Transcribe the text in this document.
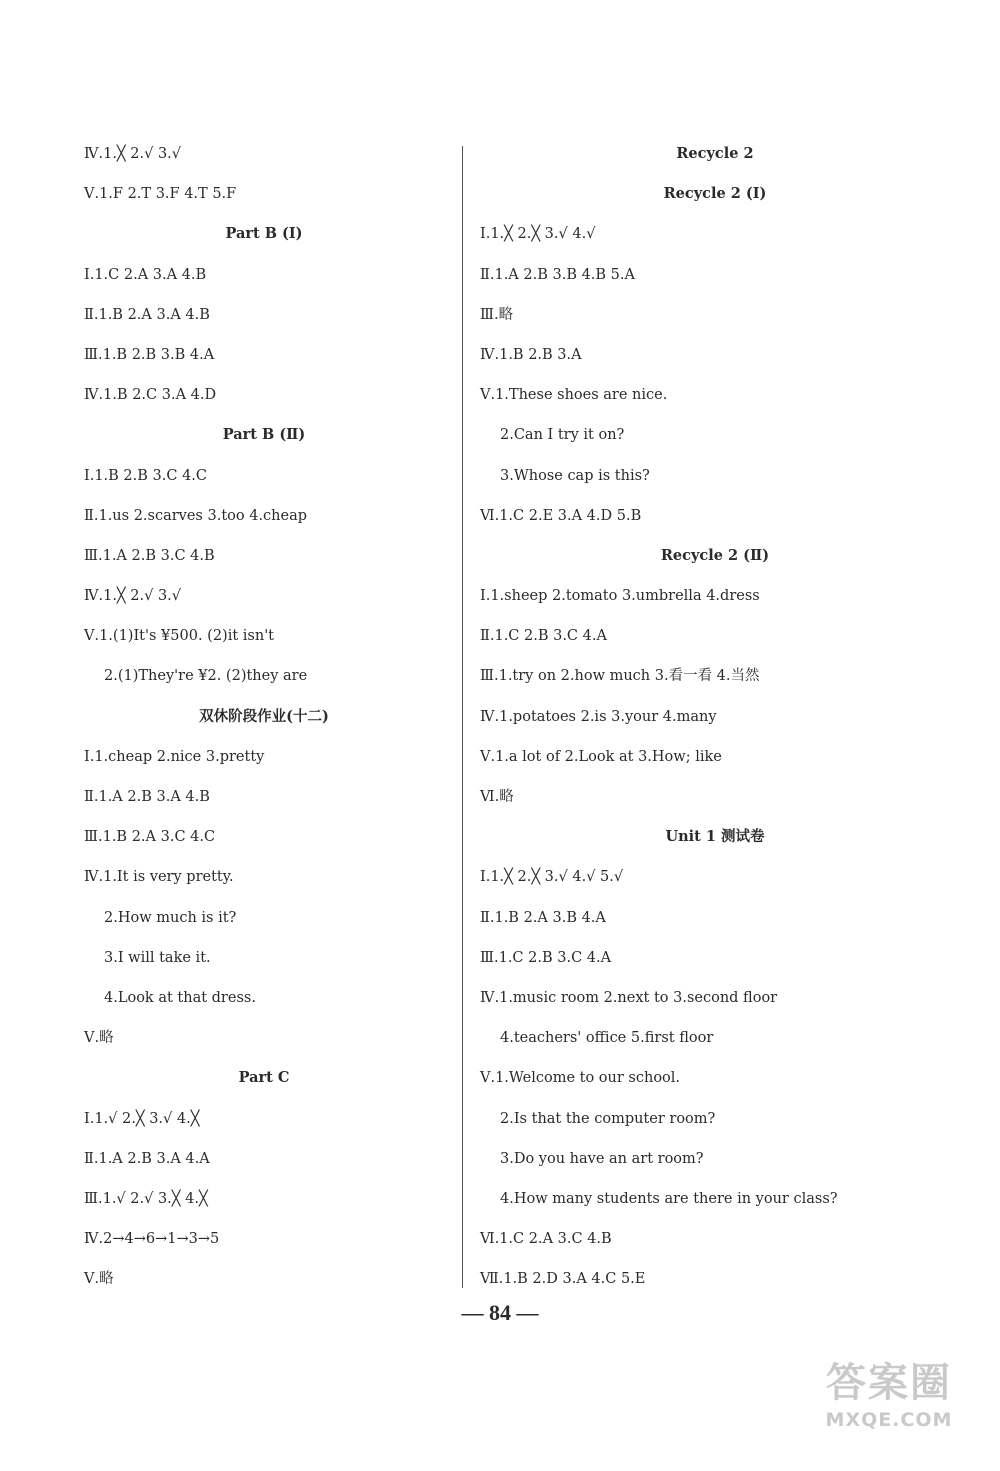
Ⅳ.1.╳ 2.√ 3.√
Ⅴ.1.F 2.T 3.F 4.T 5.F
Part B (Ⅰ)
Ⅰ.1.C 2.A 3.A 4.B
Ⅱ.1.B 2.A 3.A 4.B
Ⅲ.1.B 2.B 3.B 4.A
Ⅳ.1.B 2.C 3.A 4.D
Part B (Ⅱ)
Ⅰ.1.B 2.B 3.C 4.C
Ⅱ.1.us 2.scarves 3.too 4.cheap
Ⅲ.1.A 2.B 3.C 4.B
Ⅳ.1.╳ 2.√ 3.√
Ⅴ.1.(1)It's ¥500. (2)it isn't
2.(1)They're ¥2. (2)they are
双休阶段作业(十二)
Ⅰ.1.cheap 2.nice 3.pretty
Ⅱ.1.A 2.B 3.A 4.B
Ⅲ.1.B 2.A 3.C 4.C
Ⅳ.1.It is very pretty.
2.How much is it?
3.I will take it.
4.Look at that dress.
Ⅴ.略
Part C
Ⅰ.1.√ 2.╳ 3.√ 4.╳
Ⅱ.1.A 2.B 3.A 4.A
Ⅲ.1.√ 2.√ 3.╳ 4.╳
Ⅳ.2→4→6→1→3→5
Ⅴ.略
Recycle 2
Recycle 2 (Ⅰ)
Ⅰ.1.╳ 2.╳ 3.√ 4.√
Ⅱ.1.A 2.B 3.B 4.B 5.A
Ⅲ.略
Ⅳ.1.B 2.B 3.A
Ⅴ.1.These shoes are nice.
2.Can I try it on?
3.Whose cap is this?
Ⅵ.1.C 2.E 3.A 4.D 5.B
Recycle 2 (Ⅱ)
Ⅰ.1.sheep 2.tomato 3.umbrella 4.dress
Ⅱ.1.C 2.B 3.C 4.A
Ⅲ.1.try on 2.how much 3.看一看 4.当然
Ⅳ.1.potatoes 2.is 3.your 4.many
Ⅴ.1.a lot of 2.Look at 3.How; like
Ⅵ.略
Unit 1 测试卷
Ⅰ.1.╳ 2.╳ 3.√ 4.√ 5.√
Ⅱ.1.B 2.A 3.B 4.A
Ⅲ.1.C 2.B 3.C 4.A
Ⅳ.1.music room 2.next to 3.second floor
4.teachers' office 5.first floor
Ⅴ.1.Welcome to our school.
2.Is that the computer room?
3.Do you have an art room?
4.How many students are there in your class?
Ⅵ.1.C 2.A 3.C 4.B
Ⅶ.1.B 2.D 3.A 4.C 5.E
— 84 —
答案圈
MXQE.COM
